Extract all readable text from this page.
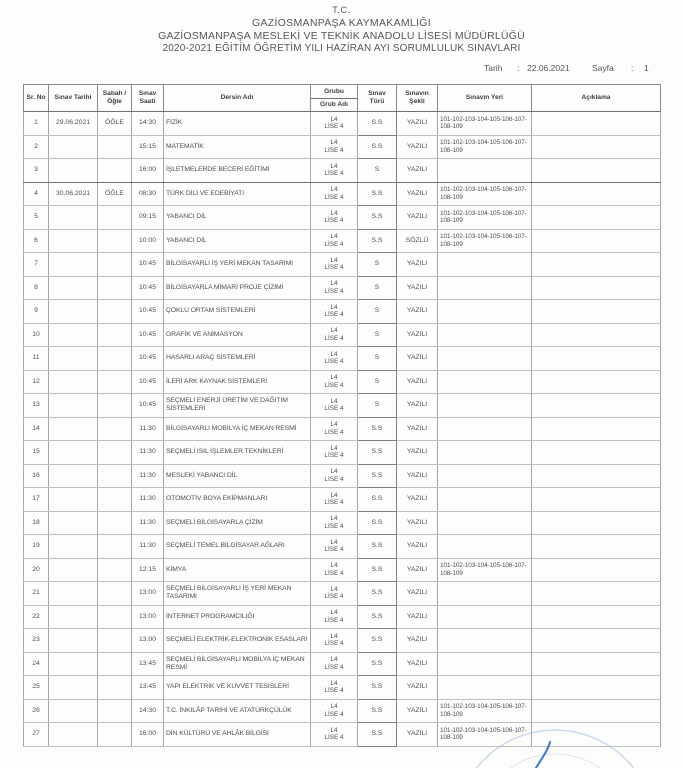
T.C.
GAZİOSMANPAŞA KAYMAKAMLIĞI
GAZİOSMANPAŞA MESLEKİ VE TEKNİK ANADOLU LİSESİ MÜDÜRLÜĞÜ
2020-2021 EĞİTİM ÖĞRETİM YILI HAZİRAN AYI SORUMLULUK SINAVLARI
Tarih : 22.06.2021	Sayfa : 1
Sr. No	Sınav Tarihi	Sabah / Öğle	Sınav Saati	Dersin Adı	Grubu
Grub Adı	Sınav Türü	Sınavın Şekli	Sınavın Yeri	Açıklama
1	29.06.2021	ÖĞLE	14:30	FİZİK	L4
LİSE 4	S.S	YAZILI	101-102-103-104-105-106-107-108-109	
2			15:15	MATEMATİK	L4
LİSE 4	S.S	YAZILI	101-102-103-104-105-106-107-108-109	
3			16:00	İŞLETMELERDE BECERİ EĞİTİMİ	L4
LİSE 4	S	YAZILI		
4	30.06.2021	ÖĞLE	08:30	TÜRK DİLİ VE EDEBİYATI	L4
LİSE 4	S.S	YAZILI	101-102-103-104-105-106-107-108-109	
5			09:15	YABANCI DİL	L4
LİSE 4	S.S	YAZILI	101-102-103-104-105-106-107-108-109	
6			10:00	YABANCI DİL	L4
LİSE 4	S.S	SÖZLÜ	101-102-103-104-105-106-107-108-109	
7			10:45	BİLGİSAYARLI İŞ YERİ MEKAN TASARIMI	L4
LİSE 4	S	YAZILI		
8			10:45	BİLGİSAYARLA MİMARİ PROJE ÇİZİMİ	L4
LİSE 4	S	YAZILI		
9			10:45	ÇOKLU ORTAM SİSTEMLERİ	L4
LİSE 4	S	YAZILI		
10			10:45	GRAFİK VE ANİMASYON	L4
LİSE 4	S	YAZILI		
11			10:45	HASARLI ARAÇ SİSTEMLERİ	L4
LİSE 4	S	YAZILI		
12			10:45	İLERİ ARK KAYNAK SİSTEMLERİ	L4
LİSE 4	S	YAZILI		
13			10:45	SEÇMELİ ENERJİ ÜRETİM VE DAĞITIM SİSTEMLERİ	L4
LİSE 4	S	YAZILI		
14			11:30	BİLGİSAYARLI MOBİLYA İÇ MEKAN RESMİ	L4
LİSE 4	S.S	YAZILI		
15			11:30	SEÇMELİ ISIL İŞLEMLER TEKNİKLERİ	L4
LİSE 4	S.S	YAZILI		
16			11:30	MESLEKİ YABANCI DİL	L4
LİSE 4	S.S	YAZILI		
17			11:30	OTOMOTİV BOYA EKİPMANLARI	L4
LİSE 4	S.S	YAZILI		
18			11:30	SEÇMELİ BİLGİSAYARLA ÇİZİM	L4
LİSE 4	S.S	YAZILI		
19			11:30	SEÇMELİ TEMEL BİLGİSAYAR AĞLARI	L4
LİSE 4	S.S	YAZILI		
20			12:15	KİMYA	L4
LİSE 4	S.S	YAZILI	101-102-103-104-105-106-107-108-109	
21			13:00	SEÇMELİ BİLGİSAYARLI İŞ YERİ MEKAN TASARIMI	L4
LİSE 4	S.S	YAZILI		
22			13:00	İNTERNET PROGRAMCILIĞI	L4
LİSE 4	S.S	YAZILI		
23			13:00	SEÇMELİ ELEKTRİK-ELEKTRONİK ESASLARI	L4
LİSE 4	S.S	YAZILI		
24			13:45	SEÇMELİ BİLGİSAYARLI MOBİLYA İÇ MEKAN RESMİ	L4
LİSE 4	S.S	YAZILI		
25			13:45	YAPI ELEKTRİK VE KUVVET TESİSLERİ	L4
LİSE 4	S.S	YAZILI		
26			14:30	T.C. İNKILÂP TARİHİ VE ATATÜRKÇÜLÜK	L4
LİSE 4	S.S	YAZILI	101-102-103-104-105-106-107-108-109	
27			16:00	DİN KÜLTÜRÜ VE AHLÂK BİLGİSİ	L4
LİSE 4	S.S	YAZILI	101-102-103-104-105-106-107-108-109	
